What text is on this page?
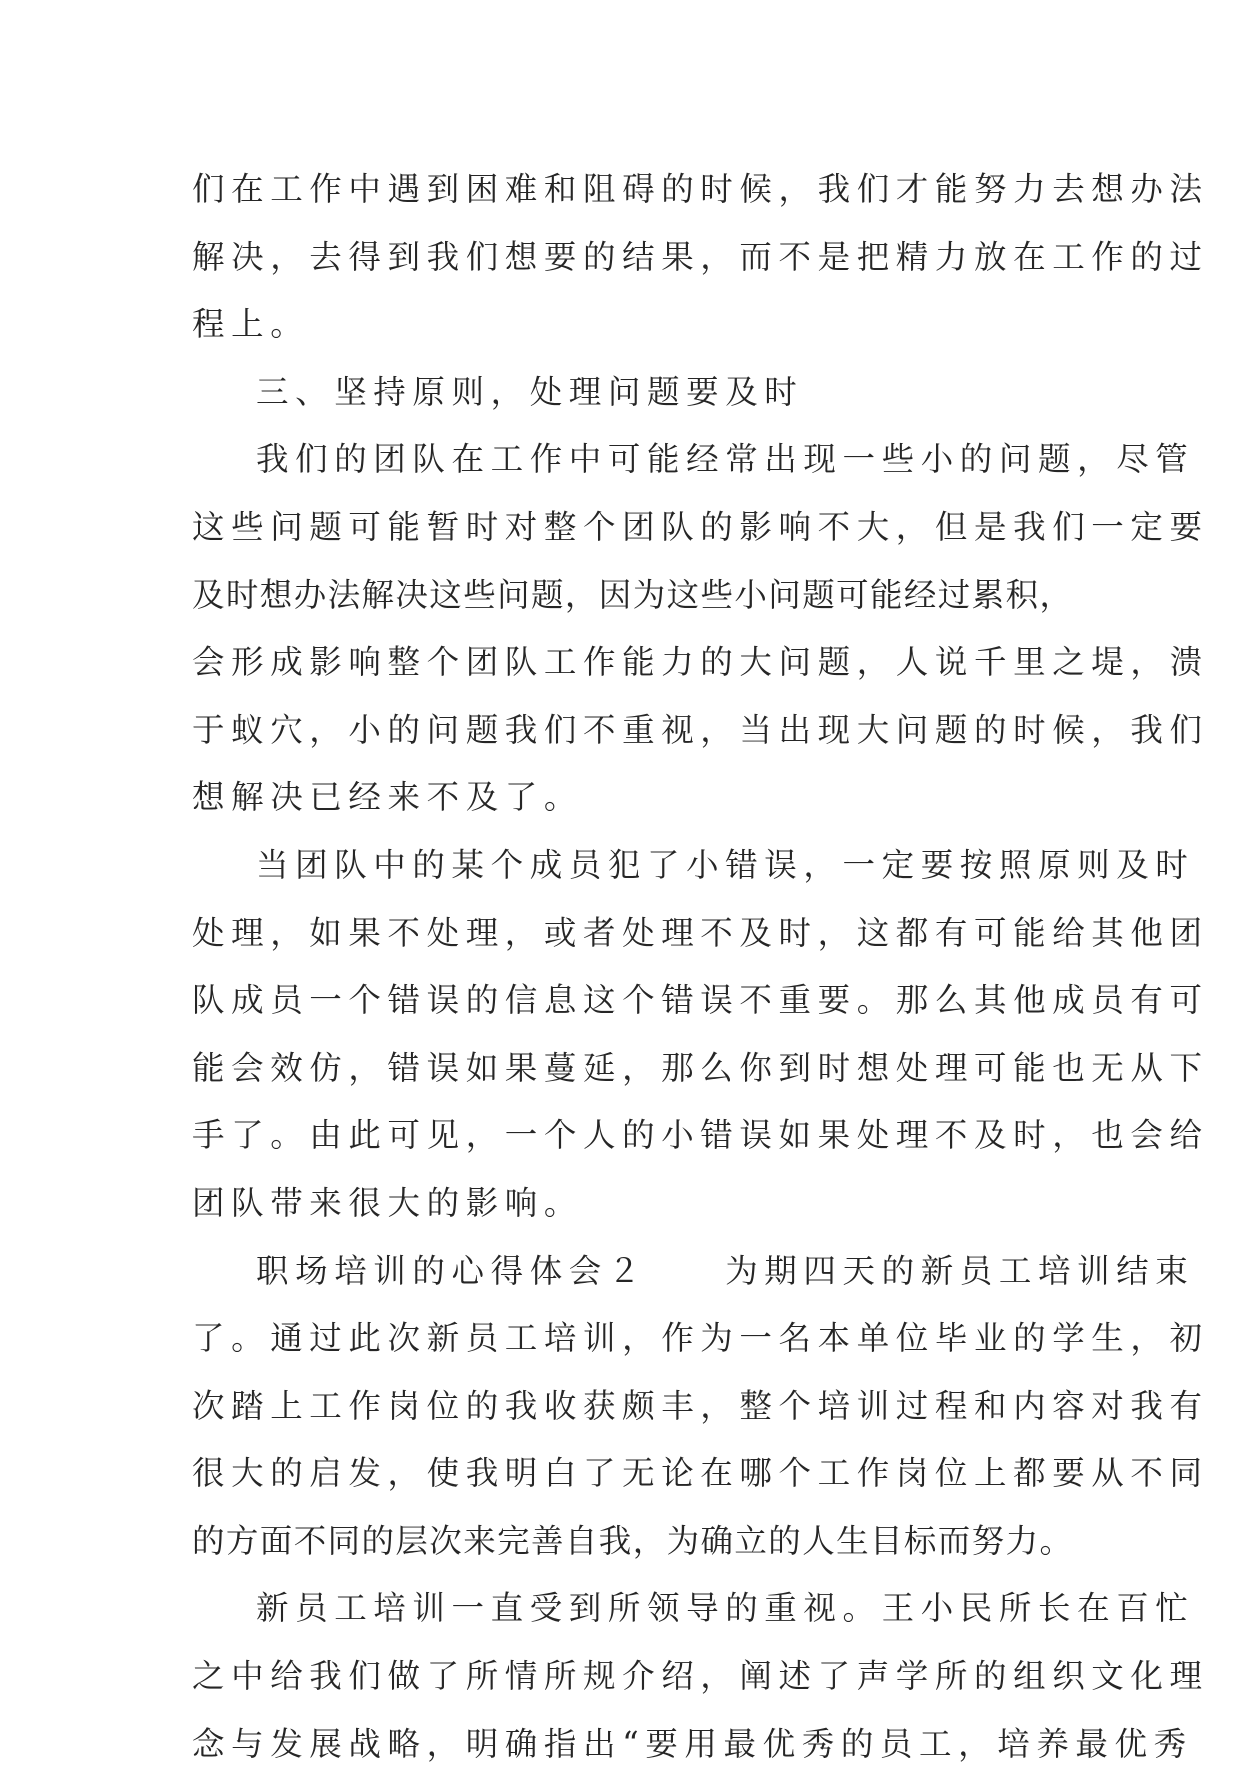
们在工作中遇到困难和阻碍的时候，我们才能努力去想办法
解决，去得到我们想要的结果，而不是把精力放在工作的过
程上。
三、坚持原则，处理问题要及时
我们的团队在工作中可能经常出现一些小的问题，尽管
这些问题可能暂时对整个团队的影响不大，但是我们一定要
及时想办法解决这些问题，因为这些小问题可能经过累积，
会形成影响整个团队工作能力的大问题，人说千里之堤，溃
于蚁穴，小的问题我们不重视，当出现大问题的时候，我们
想解决已经来不及了。
当团队中的某个成员犯了小错误，一定要按照原则及时
处理，如果不处理，或者处理不及时，这都有可能给其他团
队成员一个错误的信息这个错误不重要。那么其他成员有可
能会效仿，错误如果蔓延，那么你到时想处理可能也无从下
手了。由此可见，一个人的小错误如果处理不及时，也会给
团队带来很大的影响。
职场培训的心得体会２　　为期四天的新员工培训结束
了。通过此次新员工培训，作为一名本单位毕业的学生，初
次踏上工作岗位的我收获颇丰，整个培训过程和内容对我有
很大的启发，使我明白了无论在哪个工作岗位上都要从不同
的方面不同的层次来完善自我，为确立的人生目标而努力。
新员工培训一直受到所领导的重视。王小民所长在百忙
之中给我们做了所情所规介绍，阐述了声学所的组织文化理
念与发展战略，明确指出“要用最优秀的员工，培养最优秀
